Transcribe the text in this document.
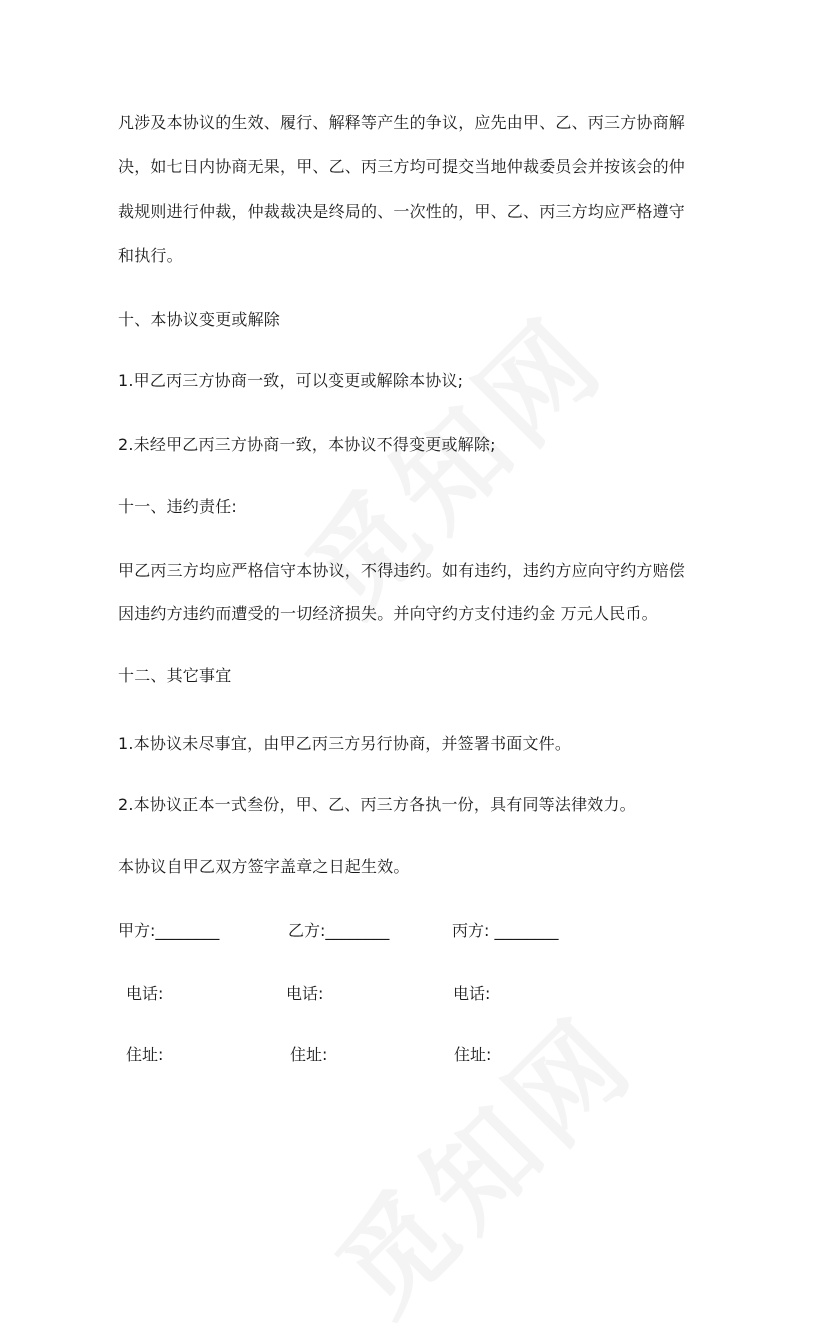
凡涉及本协议的生效、履行、解释等产生的争议，应先由甲、乙、丙三方协商解
决，如七日内协商无果，甲、乙、丙三方均可提交当地仲裁委员会并按该会的仲
裁规则进行仲裁，仲裁裁决是终局的、一次性的，甲、乙、丙三方均应严格遵守
和执行。
十、本协议变更或解除
1.甲乙丙三方协商一致，可以变更或解除本协议;
2.未经甲乙丙三方协商一致，本协议不得变更或解除;
十一、违约责任:
甲乙丙三方均应严格信守本协议，不得违约。如有违约，违约方应向守约方赔偿
因违约方违约而遭受的一切经济损失。并向守约方支付违约金 万元人民币。
十二、其它事宜
1.本协议未尽事宜，由甲乙丙三方另行协商，并签署书面文件。
2.本协议正本一式叁份，甲、乙、丙三方各执一份，具有同等法律效力。
本协议自甲乙双方签字盖章之日起生效。
甲方:________	乙方:________	丙方: ________
电话:	电话:	电话:
住址:	住址:	住址:
